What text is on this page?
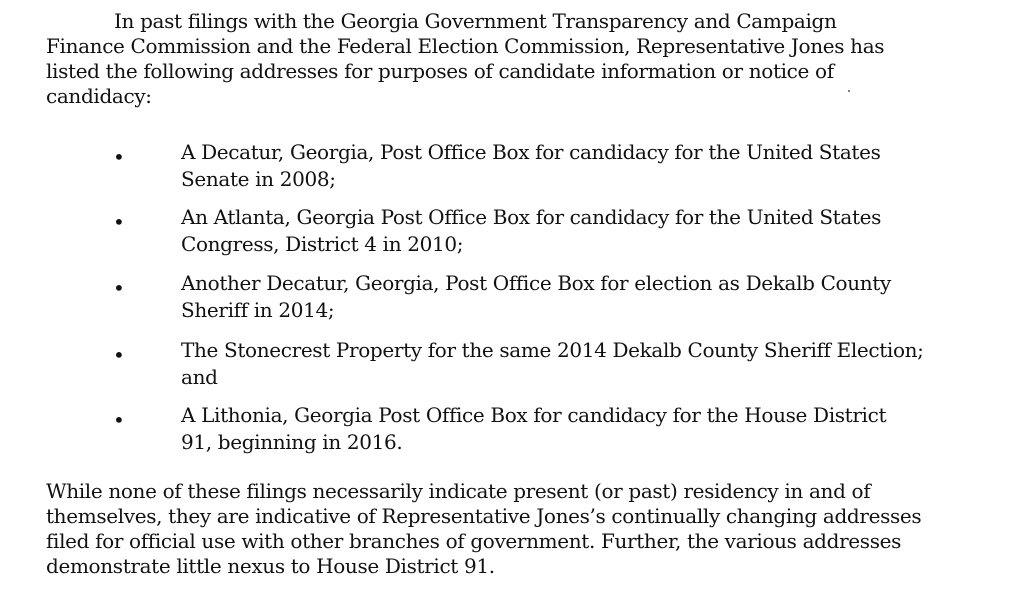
In past filings with the Georgia Government Transparency and Campaign
Finance Commission and the Federal Election Commission, Representative Jones has
listed the following addresses for purposes of candidate information or notice of
candidacy:
•	A Decatur, Georgia, Post Office Box for candidacy for the United States
Senate in 2008;
•	An Atlanta, Georgia Post Office Box for candidacy for the United States
Congress, District 4 in 2010;
•	Another Decatur, Georgia, Post Office Box for election as Dekalb County
Sheriff in 2014;
•	The Stonecrest Property for the same 2014 Dekalb County Sheriff Election;
and
•	A Lithonia, Georgia Post Office Box for candidacy for the House District
91, beginning in 2016.
While none of these filings necessarily indicate present (or past) residency in and of
themselves, they are indicative of Representative Jones’s continually changing addresses
filed for official use with other branches of government. Further, the various addresses
demonstrate little nexus to House District 91.
